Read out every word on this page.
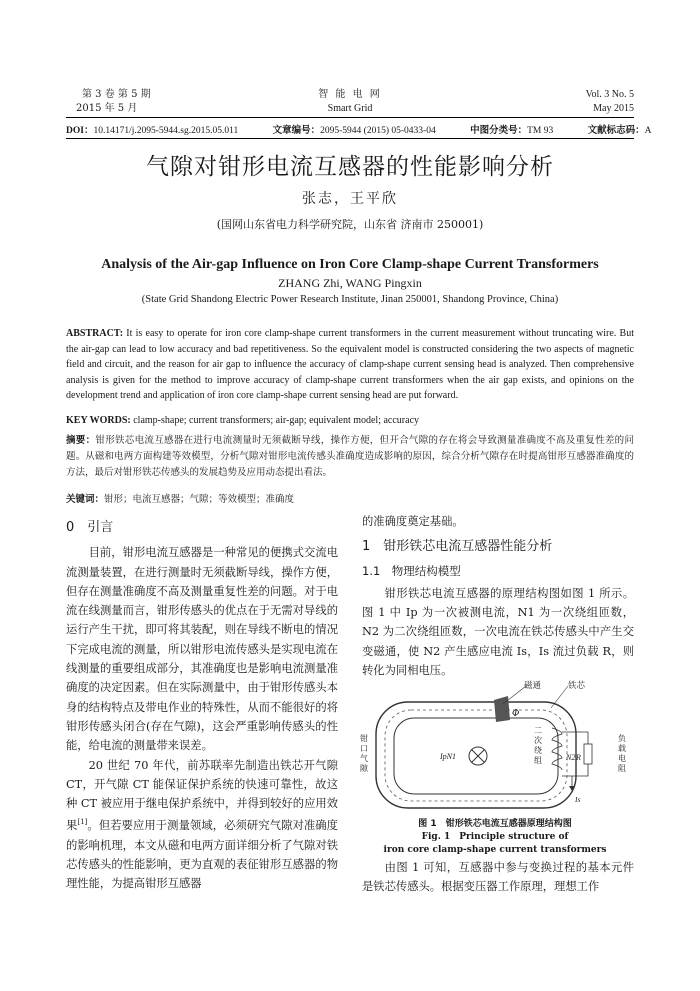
第 3 卷 第 5 期
2015 年 5 月
智 能 电 网
Smart Grid
Vol. 3 No. 5
May 2015
DOI：10.14171/j.2095-5944.sg.2015.05.011	文章编号：2095-5944 (2015) 05-0433-04	中图分类号：TM 93	文献标志码：A
气隙对钳形电流互感器的性能影响分析
张志，王平欣
(国网山东省电力科学研究院，山东省 济南市 250001)
Analysis of the Air-gap Influence on Iron Core Clamp-shape Current Transformers
ZHANG Zhi, WANG Pingxin
(State Grid Shandong Electric Power Research Institute, Jinan 250001, Shandong Province, China)
ABSTRACT: It is easy to operate for iron core clamp-shape current transformers in the current measurement without truncating wire. But the air-gap can lead to low accuracy and bad repetitiveness. So the equivalent model is constructed considering the two aspects of magnetic field and circuit, and the reason for air gap to influence the accuracy of clamp-shape current sensing head is analyzed. Then comprehensive analysis is given for the method to improve accuracy of clamp-shape current transformers when the air gap exists, and opinions on the development trend and application of iron core clamp-shape current sensing head are put forward.
KEY WORDS: clamp-shape; current transformers; air-gap; equivalent model; accuracy
摘要：钳形铁芯电流互感器在进行电流测量时无须截断导线，操作方便，但开合气隙的存在将会导致测量准确度不高及重复性差的问题。从磁和电两方面构建等效模型，分析气隙对钳形电流传感头准确度造成影响的原因，综合分析气隙存在时提高钳形互感器准确度的方法，最后对钳形铁芯传感头的发展趋势及应用动态提出看法。
关键词：钳形；电流互感器；气隙；等效模型；准确度
0　引言

目前，钳形电流互感器是一种常见的便携式交流电流测量装置，在进行测量时无须截断导线，操作方便，但存在测量准确度不高及测量重复性差的问题。对于电流在线测量而言，钳形传感头的优点在于无需对导线的运行产生干扰，即可将其装配，则在导线不断电的情况下完成电流的测量，所以钳形电流传感头是实现电流在线测量的重要组成部分，其准确度也是影响电流测量准确度的决定因素。但在实际测量中，由于钳形传感头本身的结构特点及带电作业的特殊性，从而不能很好的将钳形传感头闭合(存在气隙)，这会严重影响传感头的性能，给电流的测量带来误差。

20 世纪 70 年代，前苏联率先制造出铁芯开气隙 CT，开气隙 CT 能保证保护系统的快速可靠性，故这种 CT 被应用于继电保护系统中，并得到较好的应用效果[1]。但若要应用于测量领域，必须研究气隙对准确度的影响机理，本文从磁和电两方面详细分析了气隙对铁芯传感头的性能影响，更为直观的表征钳形互感器的物理性能，为提高钳形互感器

的准确度奠定基础。
1　钳形铁芯电流互感器性能分析
1.1　物理结构模型

钳形铁芯电流互感器的原理结构图如图 1 所示。图 1 中 Ip 为一次被测电流，N1 为一次绕组匝数，N2 为二次绕组匝数，一次电流在铁芯传感头中产生交变磁通，使 N2 产生感应电流 Is，Is 流过负载 R，则转化为同相电压。

磁通	铁芯
Φ
IpN1	N2 R
Is
钳口气隙
二次绕组
负载电阻
图 1　钳形铁芯电流互感器原理结构图
Fig. 1　Principle structure of
iron core clamp-shape current transformers

由图 1 可知，互感器中参与变换过程的基本元件是铁芯传感头。根据变压器工作原理，理想工作
